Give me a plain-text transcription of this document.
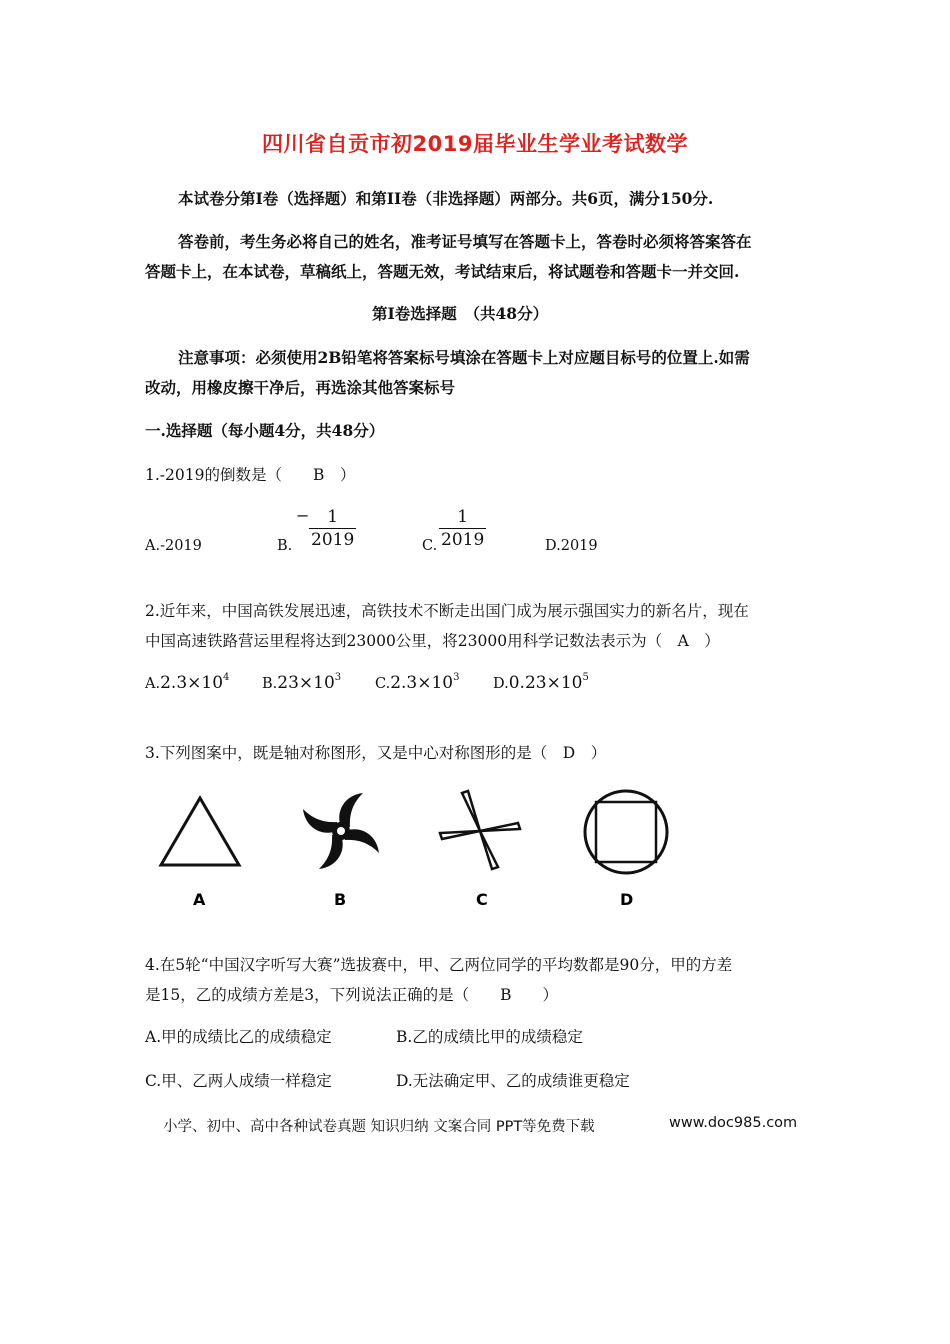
四川省自贡市初2019届毕业生学业考试数学
本试卷分第Ⅰ卷（选择题）和第II卷（非选择题）两部分。共6页，满分150分.
答卷前，考生务必将自己的姓名，准考证号填写在答题卡上，答卷时必须将答案答在
答题卡上，在本试卷，草稿纸上，答题无效，考试结束后，将试题卷和答题卡一并交回.
第Ⅰ卷选择题　（共48分）
注意事项：必须使用2B铅笔将答案标号填涂在答题卡上对应题目标号的位置上.如需
改动，用橡皮擦干净后，再选涂其他答案标号
一.选择题（每小题4分，共48分）
1.-2019的倒数是（　　B　）
A.-2019	B.
− $\frac{1}{2019}$	C. $\frac{1}{2019}$	D.2019
2.近年来，中国高铁发展迅速，高铁技术不断走出国门成为展示强国实力的新名片，现在
中国高速铁路营运里程将达到23000公里，将23000用科学记数法表示为（　A　）
$A.2.3\times 10^4$ $B.23\times 10^3$ $C.2.3\times 10^3$ $D.0.23\times 10^5$
3.下列图案中，既是轴对称图形，又是中心对称图形的是（　D　）
A	B	C	D
4.在5轮“中国汉字听写大赛”选拔赛中，甲、乙两位同学的平均数都是90分，甲的方差
是15，乙的成绩方差是3，下列说法正确的是（　　B　　）
A.甲的成绩比乙的成绩稳定	B.乙的成绩比甲的成绩稳定
C.甲、乙两人成绩一样稳定	D.无法确定甲、乙的成绩谁更稳定
小学、初中、高中各种试卷真题 知识归纳 文案合同 PPT等免费下载	www.doc985.com
